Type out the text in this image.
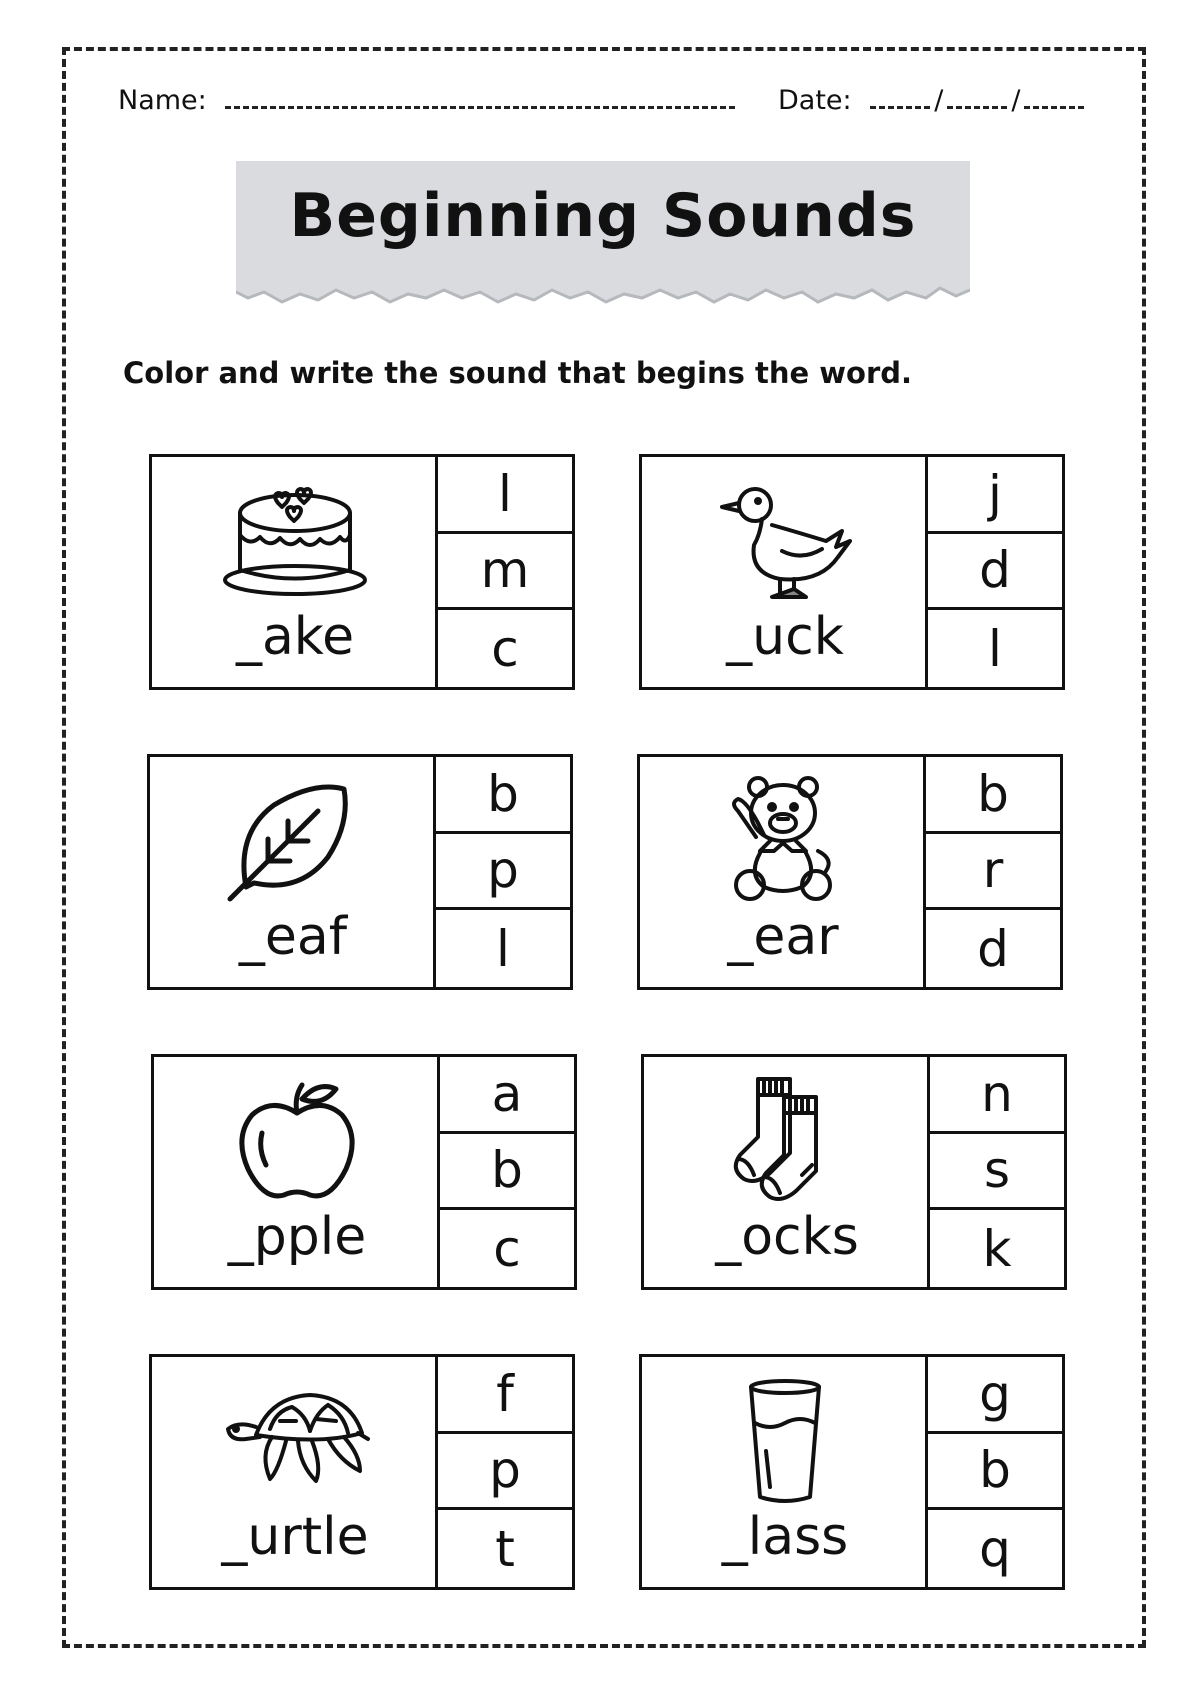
Name:	Date:	/	/
Beginning Sounds
Color and write the sound that begins the word.
_ake
l
m
c	_uck
j
d
l
_eaf
b
p
l	_ear
b
r
d
_pple
a
b
c	_ocks
n
s
k
_urtle
f
p
t	_lass
g
b
q
